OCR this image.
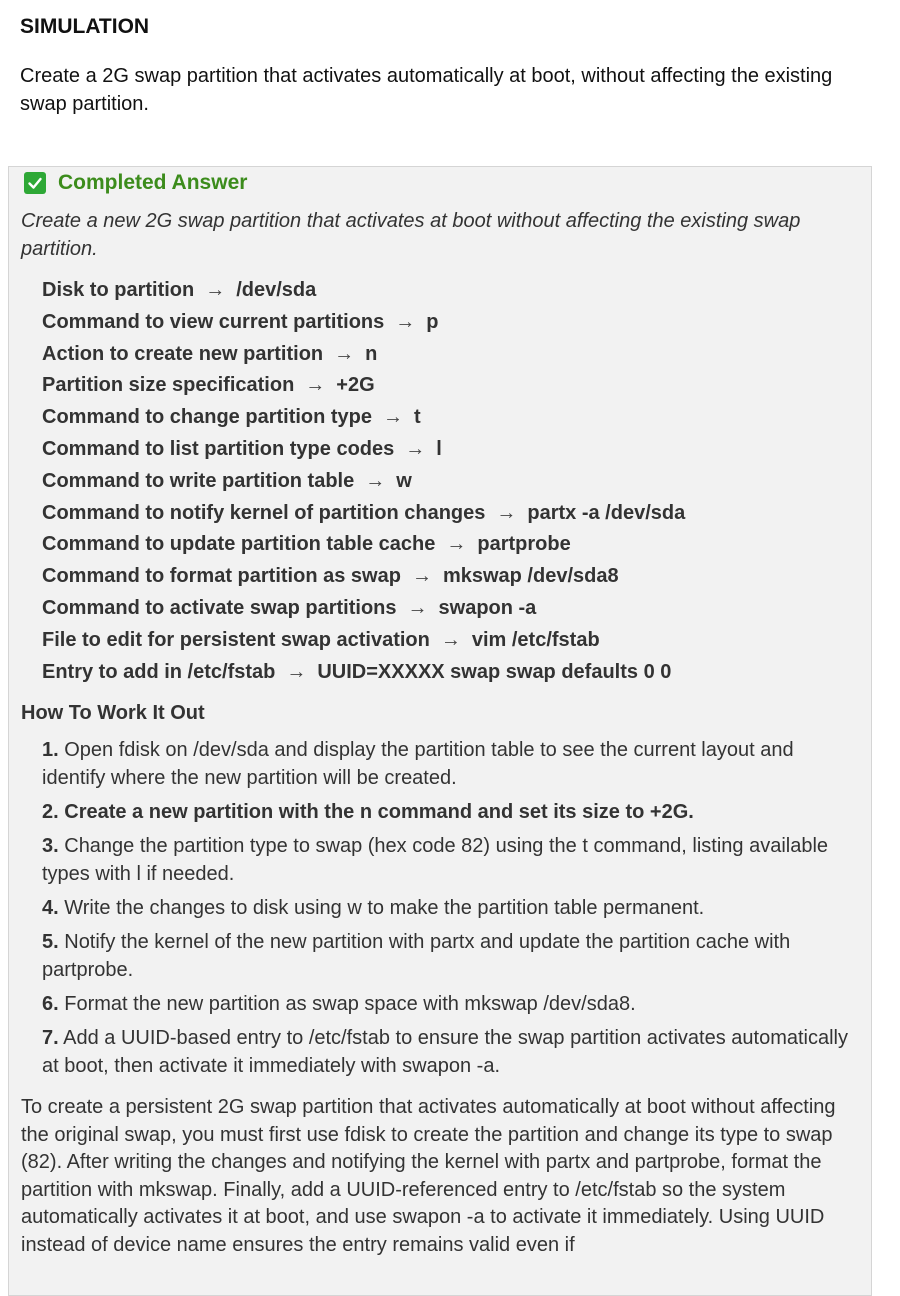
SIMULATION

Create a 2G swap partition that activates automatically at boot, without affecting the existing swap partition.

Completed Answer

Create a new 2G swap partition that activates at boot without affecting the existing swap partition.

Disk to partition → /dev/sda
Command to view current partitions → p
Action to create new partition → n
Partition size specification → +2G
Command to change partition type → t
Command to list partition type codes → l
Command to write partition table → w
Command to notify kernel of partition changes → partx -a /dev/sda
Command to update partition table cache → partprobe
Command to format partition as swap → mkswap /dev/sda8
Command to activate swap partitions → swapon -a
File to edit for persistent swap activation → vim /etc/fstab
Entry to add in /etc/fstab → UUID=XXXXX swap swap defaults 0 0
How To Work It Out
1. Open fdisk on /dev/sda and display the partition table to see the current layout and identify where the new partition will be created.
2. Create a new partition with the n command and set its size to +2G.
3. Change the partition type to swap (hex code 82) using the t command, listing available types with l if needed.
4. Write the changes to disk using w to make the partition table permanent.
5. Notify the kernel of the new partition with partx and update the partition cache with partprobe.
6. Format the new partition as swap space with mkswap /dev/sda8.
7. Add a UUID-based entry to /etc/fstab to ensure the swap partition activates automatically at boot, then activate it immediately with swapon -a.

To create a persistent 2G swap partition that activates automatically at boot without affecting the original swap, you must first use fdisk to create the partition and change its type to swap (82). After writing the changes and notifying the kernel with partx and partprobe, format the partition with mkswap. Finally, add a UUID-referenced entry to /etc/fstab so the system automatically activates it at boot, and use swapon -a to activate it immediately. Using UUID instead of device name ensures the entry remains valid even if
